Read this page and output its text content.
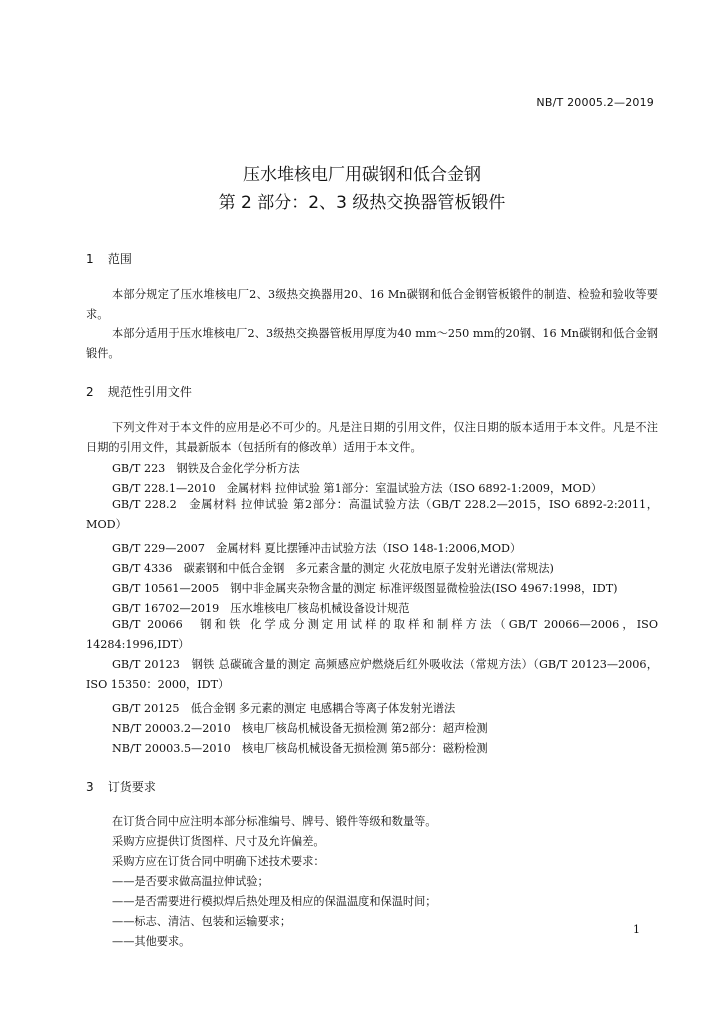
NB/T 20005.2—2019
压水堆核电厂用碳钢和低合金钢
第 2 部分：2、3 级热交换器管板锻件
1 范围
本部分规定了压水堆核电厂2、3级热交换器用20、16 Mn碳钢和低合金钢管板锻件的制造、检验和验收等要求。
本部分适用于压水堆核电厂2、3级热交换器管板用厚度为40 mm～250 mm的20钢、16 Mn碳钢和低合金钢锻件。
2 规范性引用文件
下列文件对于本文件的应用是必不可少的。凡是注日期的引用文件，仅注日期的版本适用于本文件。凡是不注日期的引用文件，其最新版本（包括所有的修改单）适用于本文件。
GB/T 223　钢铁及合金化学分析方法
GB/T 228.1—2010　金属材料 拉伸试验 第1部分：室温试验方法（ISO 6892-1:2009，MOD）
GB/T 228.2　金属材料 拉伸试验 第2部分：高温试验方法（GB/T 228.2—2015，ISO 6892-2:2011，MOD）
GB/T 229—2007　金属材料 夏比摆锤冲击试验方法（ISO 148-1:2006,MOD）
GB/T 4336　碳素钢和中低合金钢　多元素含量的测定 火花放电原子发射光谱法(常规法)
GB/T 10561—2005　钢中非金属夹杂物含量的测定 标准评级图显微检验法(ISO 4967:1998，IDT)
GB/T 16702—2019　压水堆核电厂核岛机械设备设计规范
GB/T 20066　钢和铁 化学成分测定用试样的取样和制样方法（GB/T 20066—2006，ISO 14284:1996,IDT）
GB/T 20123　钢铁 总碳硫含量的测定 高频感应炉燃烧后红外吸收法（常规方法）（GB/T 20123—2006，ISO 15350：2000，IDT）
GB/T 20125　低合金钢 多元素的测定 电感耦合等离子体发射光谱法
NB/T 20003.2—2010　核电厂核岛机械设备无损检测 第2部分：超声检测
NB/T 20003.5—2010　核电厂核岛机械设备无损检测 第5部分：磁粉检测
3 订货要求
在订货合同中应注明本部分标准编号、牌号、锻件等级和数量等。
采购方应提供订货图样、尺寸及允许偏差。
采购方应在订货合同中明确下述技术要求：
——是否要求做高温拉伸试验；
——是否需要进行模拟焊后热处理及相应的保温温度和保温时间；
——标志、清洁、包装和运输要求；
——其他要求。
1
